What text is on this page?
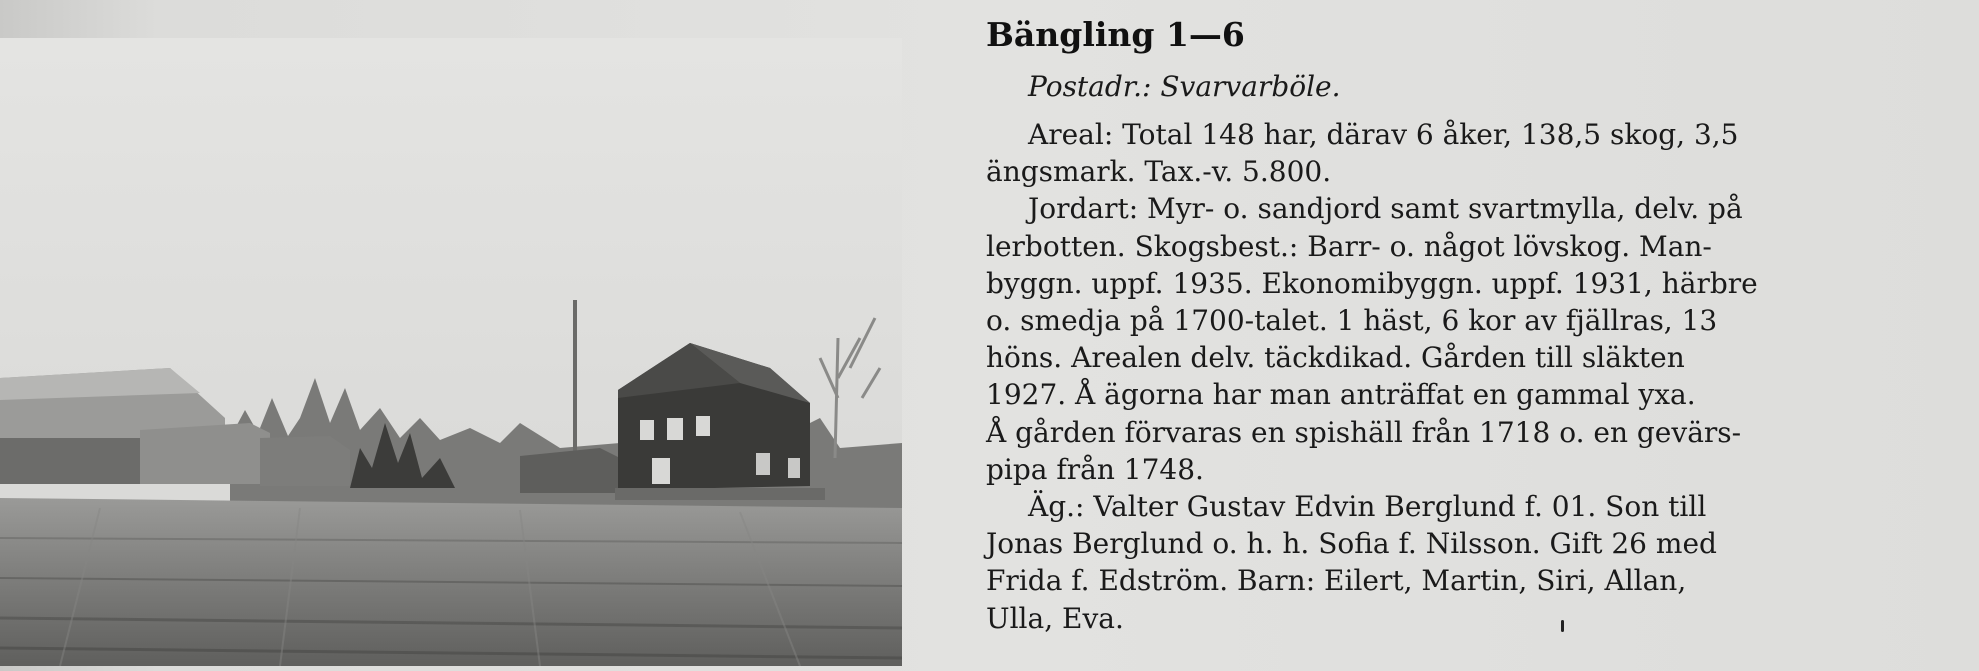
Bängling 1—6
Postadr.: Svarvarböle.

Areal: Total 148 har, därav 6 åker, 138,5 skog, 3,5
ängsmark. Tax.-v. 5.800.

Jordart: Myr- o. sandjord samt svartmylla, delv. på
lerbotten. Skogsbest.: Barr- o. något lövskog. Man-
byggn. uppf. 1935. Ekonomibyggn. uppf. 1931, härbre
o. smedja på 1700-talet. 1 häst, 6 kor av fjällras, 13
höns. Arealen delv. täckdikad. Gården till släkten
1927. Å ägorna har man anträffat en gammal yxa.
Å gården förvaras en spishäll från 1718 o. en gevärs-
pipa från 1748.

Äg.: Valter Gustav Edvin Berglund f. 01. Son till
Jonas Berglund o. h. h. Sofia f. Nilsson. Gift 26 med
Frida f. Edström. Barn: Eilert, Martin, Siri, Allan,
Ulla, Eva.
